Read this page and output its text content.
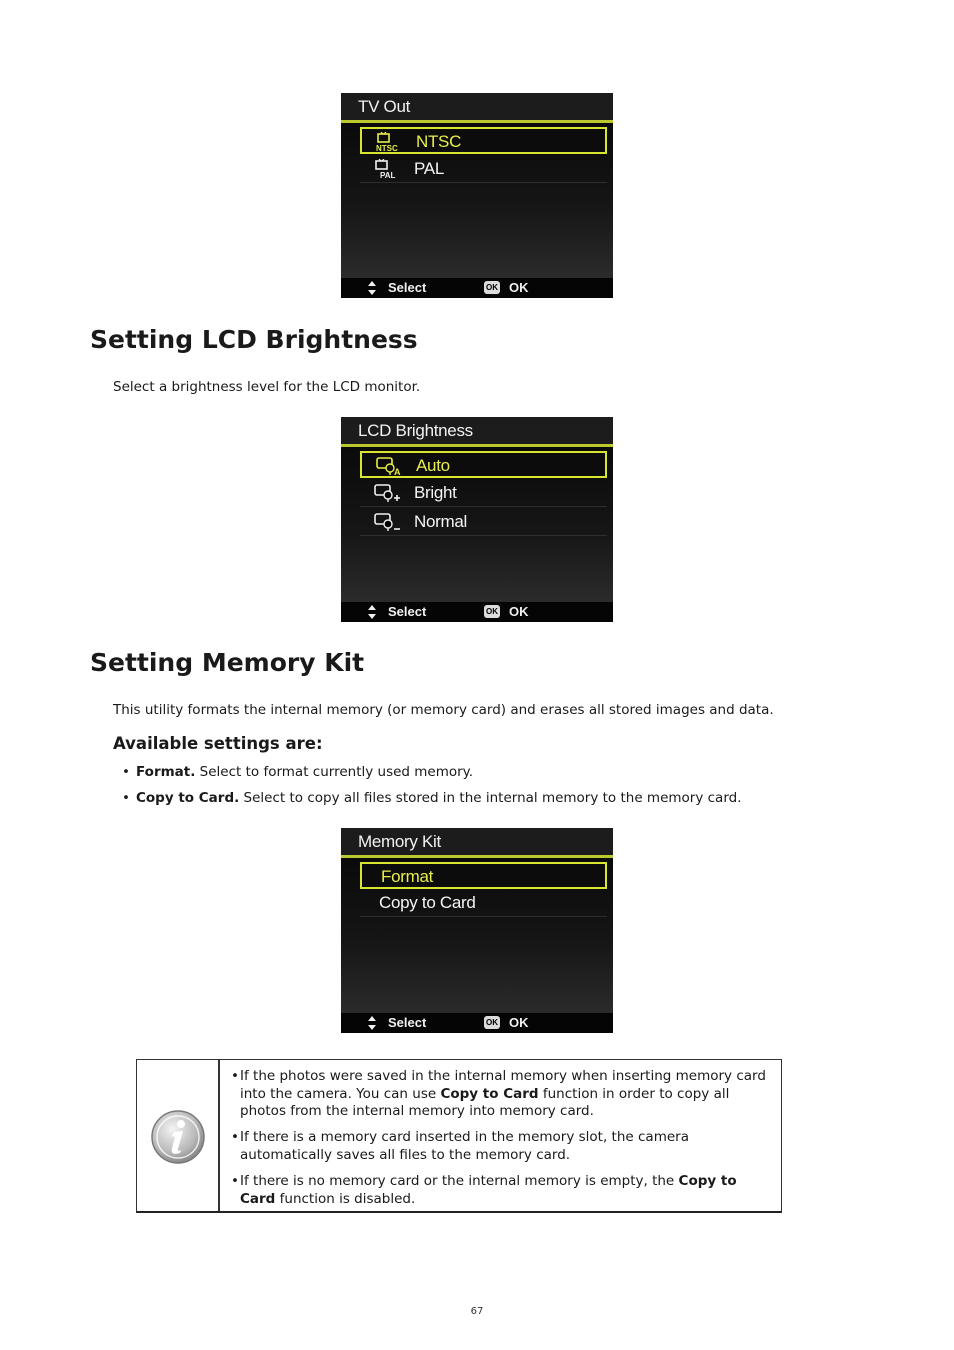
TV Out
NTSC NTSC
PAL PAL
Select	OK OK
Setting LCD Brightness

Select a brightness level for the LCD monitor.

LCD Brightness
A Auto
Bright
Normal
Select	OK OK
Setting Memory Kit

This utility formats the internal memory (or memory card) and erases all stored images and data.

Available settings are:
• Format. Select to format currently used memory.
• Copy to Card. Select to copy all files stored in the internal memory to the memory card.
Memory Kit
Format
Copy to Card
Select	OK OK
• If the photos were saved in the internal memory when inserting memory card into the camera. You can use Copy to Card function in order to copy all photos from the internal memory into memory card.
• If there is a memory card inserted in the memory slot, the camera automatically saves all files to the memory card.
• If there is no memory card or the internal memory is empty, the Copy to Card function is disabled.
67
